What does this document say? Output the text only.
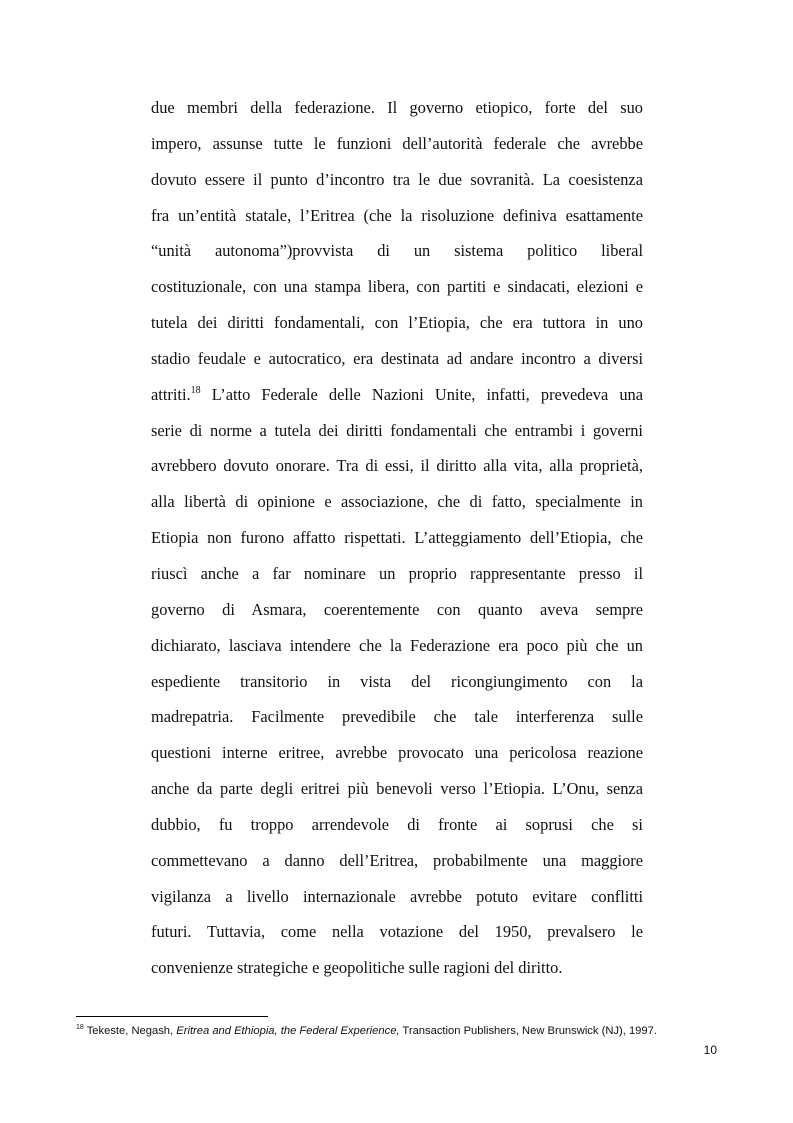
due membri della federazione. Il governo etiopico, forte del suo
impero, assunse tutte le funzioni dell’autorità federale che avrebbe
dovuto essere il punto d’incontro tra le due sovranità. La coesistenza
fra un’entità statale, l’Eritrea (che la risoluzione definiva esattamente
“unità autonoma”)provvista di un sistema politico liberal
costituzionale, con una stampa libera, con partiti e sindacati, elezioni e
tutela dei diritti fondamentali, con l’Etiopia, che era tuttora in uno
stadio feudale e autocratico, era destinata ad andare incontro a diversi
attriti.$^{18}$ L’atto Federale delle Nazioni Unite, infatti, prevedeva una
serie di norme a tutela dei diritti fondamentali che entrambi i governi
avrebbero dovuto onorare. Tra di essi, il diritto alla vita, alla proprietà,
alla libertà di opinione e associazione, che di fatto, specialmente in
Etiopia non furono affatto rispettati. L’atteggiamento dell’Etiopia, che
riuscì anche a far nominare un proprio rappresentante presso il
governo di Asmara, coerentemente con quanto aveva sempre
dichiarato, lasciava intendere che la Federazione era poco più che un
espediente transitorio in vista del ricongiungimento con la
madrepatria. Facilmente prevedibile che tale interferenza sulle
questioni interne eritree, avrebbe provocato una pericolosa reazione
anche da parte degli eritrei più benevoli verso l’Etiopia. L’Onu, senza
dubbio, fu troppo arrendevole di fronte ai soprusi che si
commettevano a danno dell’Eritrea, probabilmente una maggiore
vigilanza a livello internazionale avrebbe potuto evitare conflitti
futuri. Tuttavia, come nella votazione del 1950, prevalsero le
convenienze strategiche e geopolitiche sulle ragioni del diritto.

$^{18}$ Tekeste, Negash, Eritrea and Ethiopia, the Federal Experience, Transaction Publishers, New Brunswick (NJ), 1997.

10
